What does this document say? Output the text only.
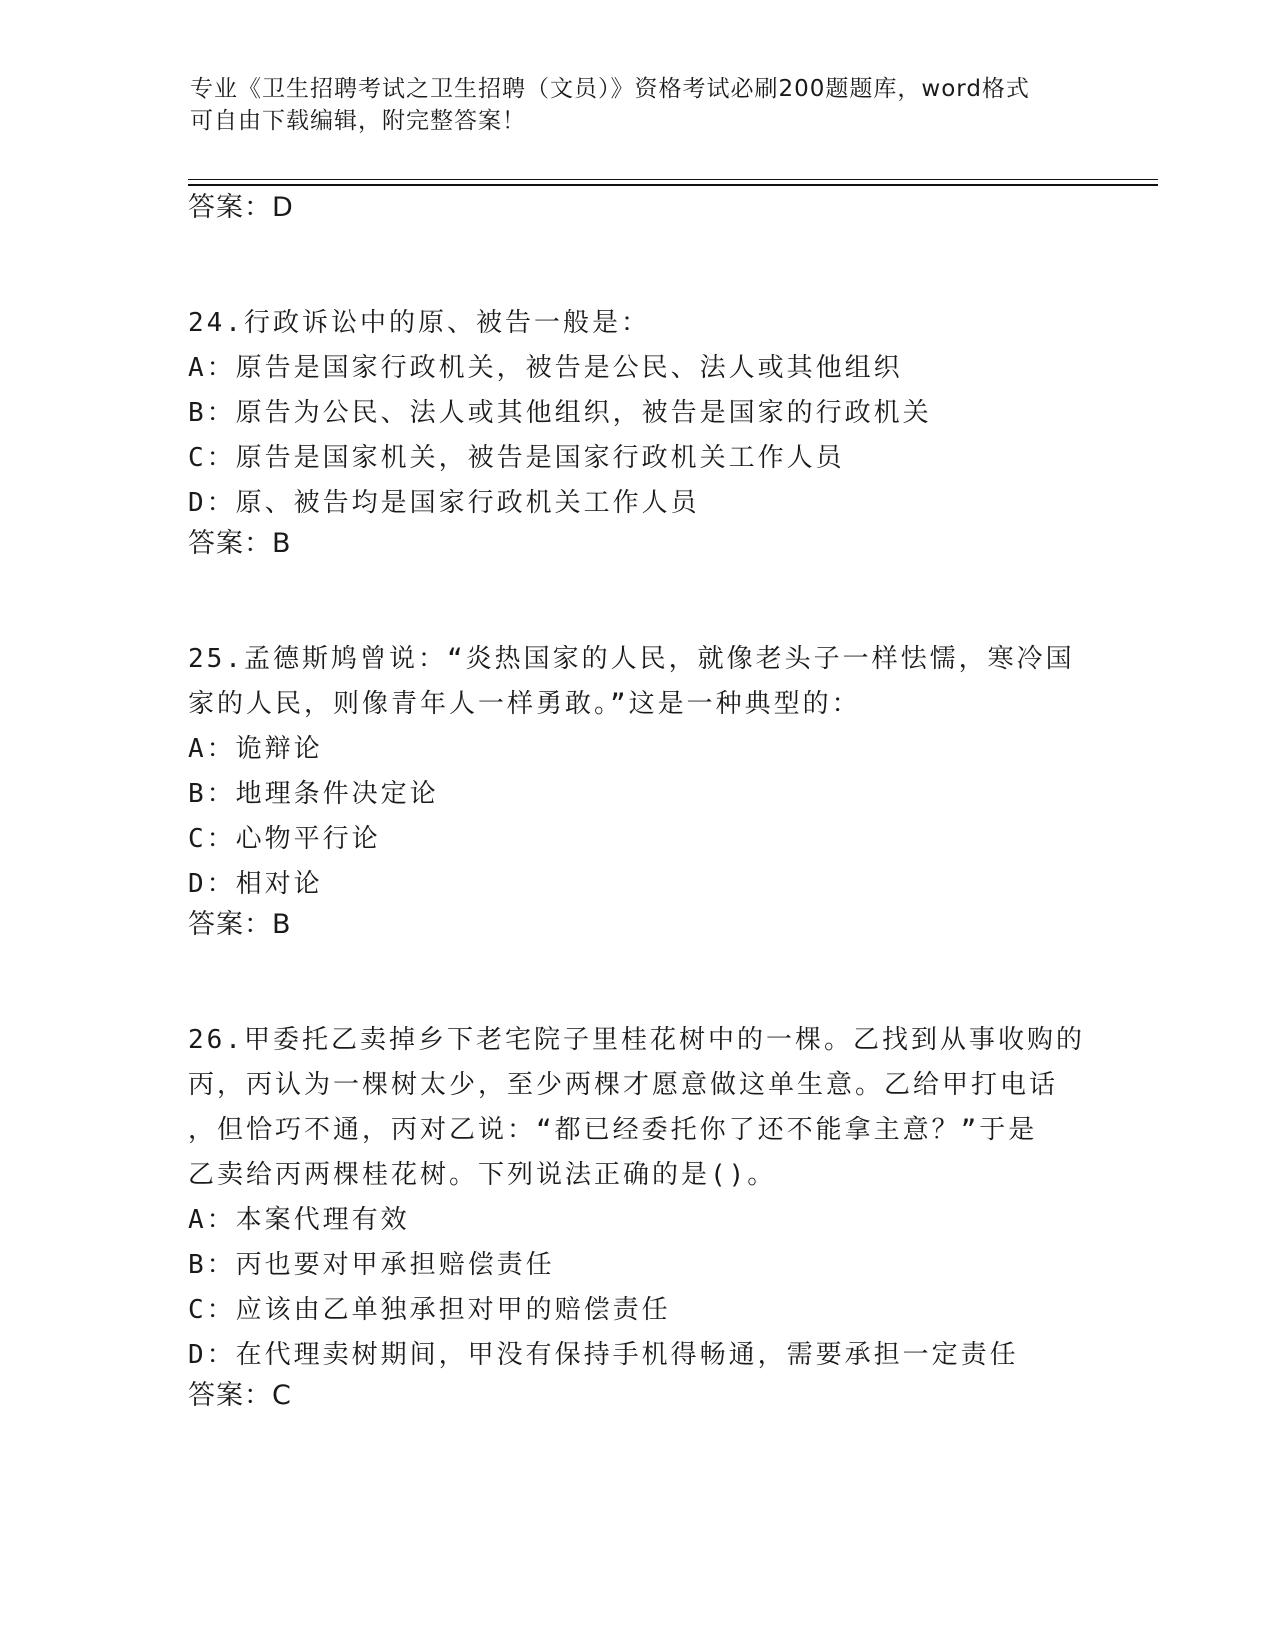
专业《卫生招聘考试之卫生招聘（文员）》资格考试必刷200题题库，word格式
可自由下载编辑，附完整答案！

答案：D

24.行政诉讼中的原、被告一般是：

A：原告是国家行政机关，被告是公民、法人或其他组织

B：原告为公民、法人或其他组织，被告是国家的行政机关

C：原告是国家机关，被告是国家行政机关工作人员

D：原、被告均是国家行政机关工作人员

答案：B

25.孟德斯鸠曾说：“炎热国家的人民，就像老头子一样怯懦，寒冷国

家的人民，则像青年人一样勇敢。”这是一种典型的：

A：诡辩论

B：地理条件决定论

C：心物平行论

D：相对论

答案：B

26.甲委托乙卖掉乡下老宅院子里桂花树中的一棵。乙找到从事收购的

丙，丙认为一棵树太少，至少两棵才愿意做这单生意。乙给甲打电话

，但恰巧不通，丙对乙说：“都已经委托你了还不能拿主意？”于是

乙卖给丙两棵桂花树。下列说法正确的是()。

A：本案代理有效

B：丙也要对甲承担赔偿责任

C：应该由乙单独承担对甲的赔偿责任

D：在代理卖树期间，甲没有保持手机得畅通，需要承担一定责任

答案：C
